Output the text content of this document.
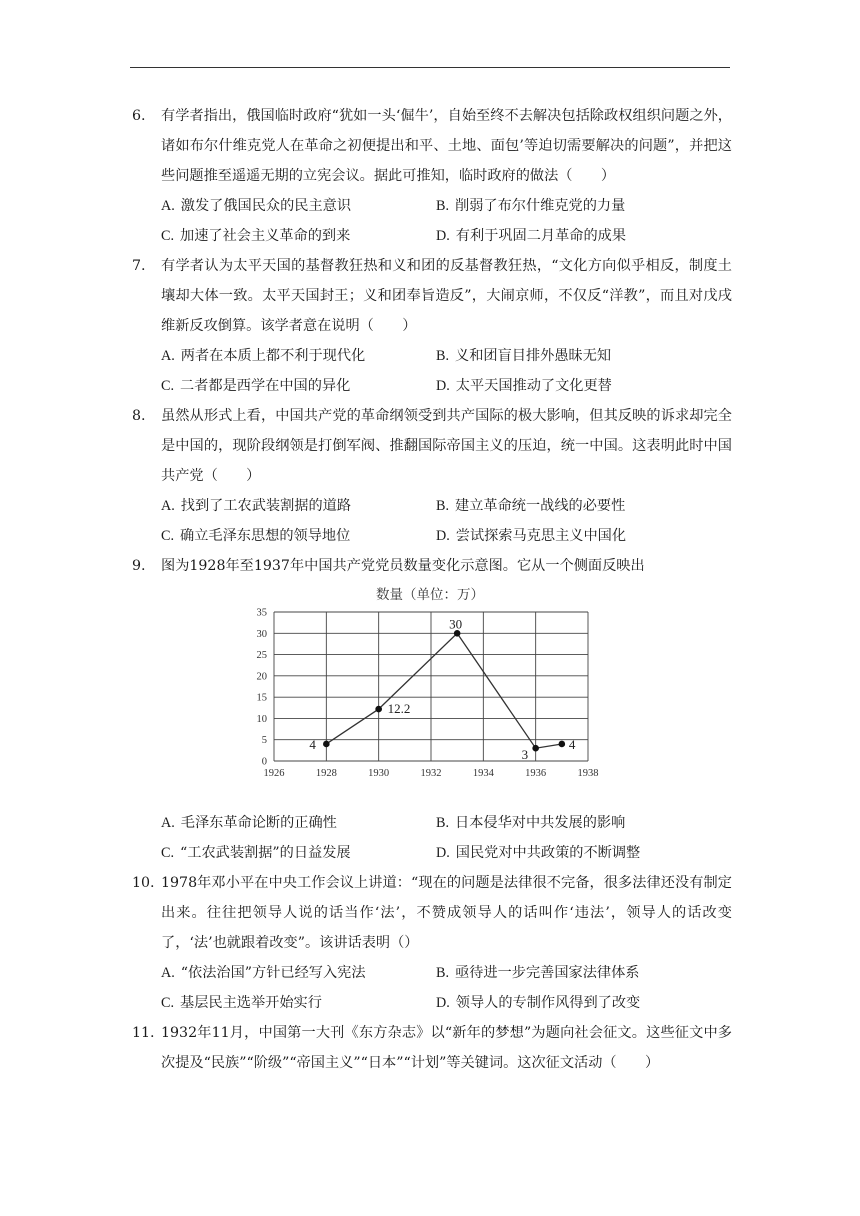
6. 有学者指出，俄国临时政府“犹如一头‘倔牛’，自始至终不去解决包括除政权组织问题之外，诸如布尔什维克党人在革命之初便提出和平、土地、面包’等迫切需要解决的问题”，并把这些问题推至遥遥无期的立宪会议。据此可推知，临时政府的做法（　　）

A. 激发了俄国民众的民主意识	B. 削弱了布尔什维克党的力量
C. 加速了社会主义革命的到来	D. 有利于巩固二月革命的成果
7. 有学者认为太平天国的基督教狂热和义和团的反基督教狂热，“文化方向似乎相反，制度土壤却大体一致。太平天国封王；义和团奉旨造反”，大闹京师，不仅反“洋教”，而且对戊戌维新反攻倒算。该学者意在说明（　　）

A. 两者在本质上都不利于现代化	B. 义和团盲目排外愚昧无知
C. 二者都是西学在中国的异化	D. 太平天国推动了文化更替
8. 虽然从形式上看，中国共产党的革命纲领受到共产国际的极大影响，但其反映的诉求却完全是中国的，现阶段纲领是打倒军阀、推翻国际帝国主义的压迫，统一中国。这表明此时中国共产党（　　）

A. 找到了工农武装割据的道路	B. 建立革命统一战线的必要性
C. 确立毛泽东思想的领导地位	D. 尝试探索马克思主义中国化
9. 图为1928年至1937年中国共产党党员数量变化示意图。它从一个侧面反映出

数量（单位：万）
1926	1928	1930	1932	1934	1936	1938
0
5
10
15
20
25
30
35
4
12.2
30
3
4
A. 毛泽东革命论断的正确性	B. 日本侵华对中共发展的影响
C. “工农武装割据”的日益发展	D. 国民党对中共政策的不断调整
10. 1978年邓小平在中央工作会议上讲道：“现在的问题是法律很不完备，很多法律还没有制定出来。往往把领导人说的话当作‘法’，不赞成领导人的话叫作‘违法’，领导人的话改变了，‘法’也就跟着改变”。该讲话表明（）

A. “依法治国”方针已经写入宪法	B. 亟待进一步完善国家法律体系
C. 基层民主选举开始实行	D. 领导人的专制作风得到了改变
11. 1932年11月，中国第一大刊《东方杂志》以“新年的梦想”为题向社会征文。这些征文中多次提及“民族”“阶级”“帝国主义”“日本”“计划”等关键词。这次征文活动（　　）
